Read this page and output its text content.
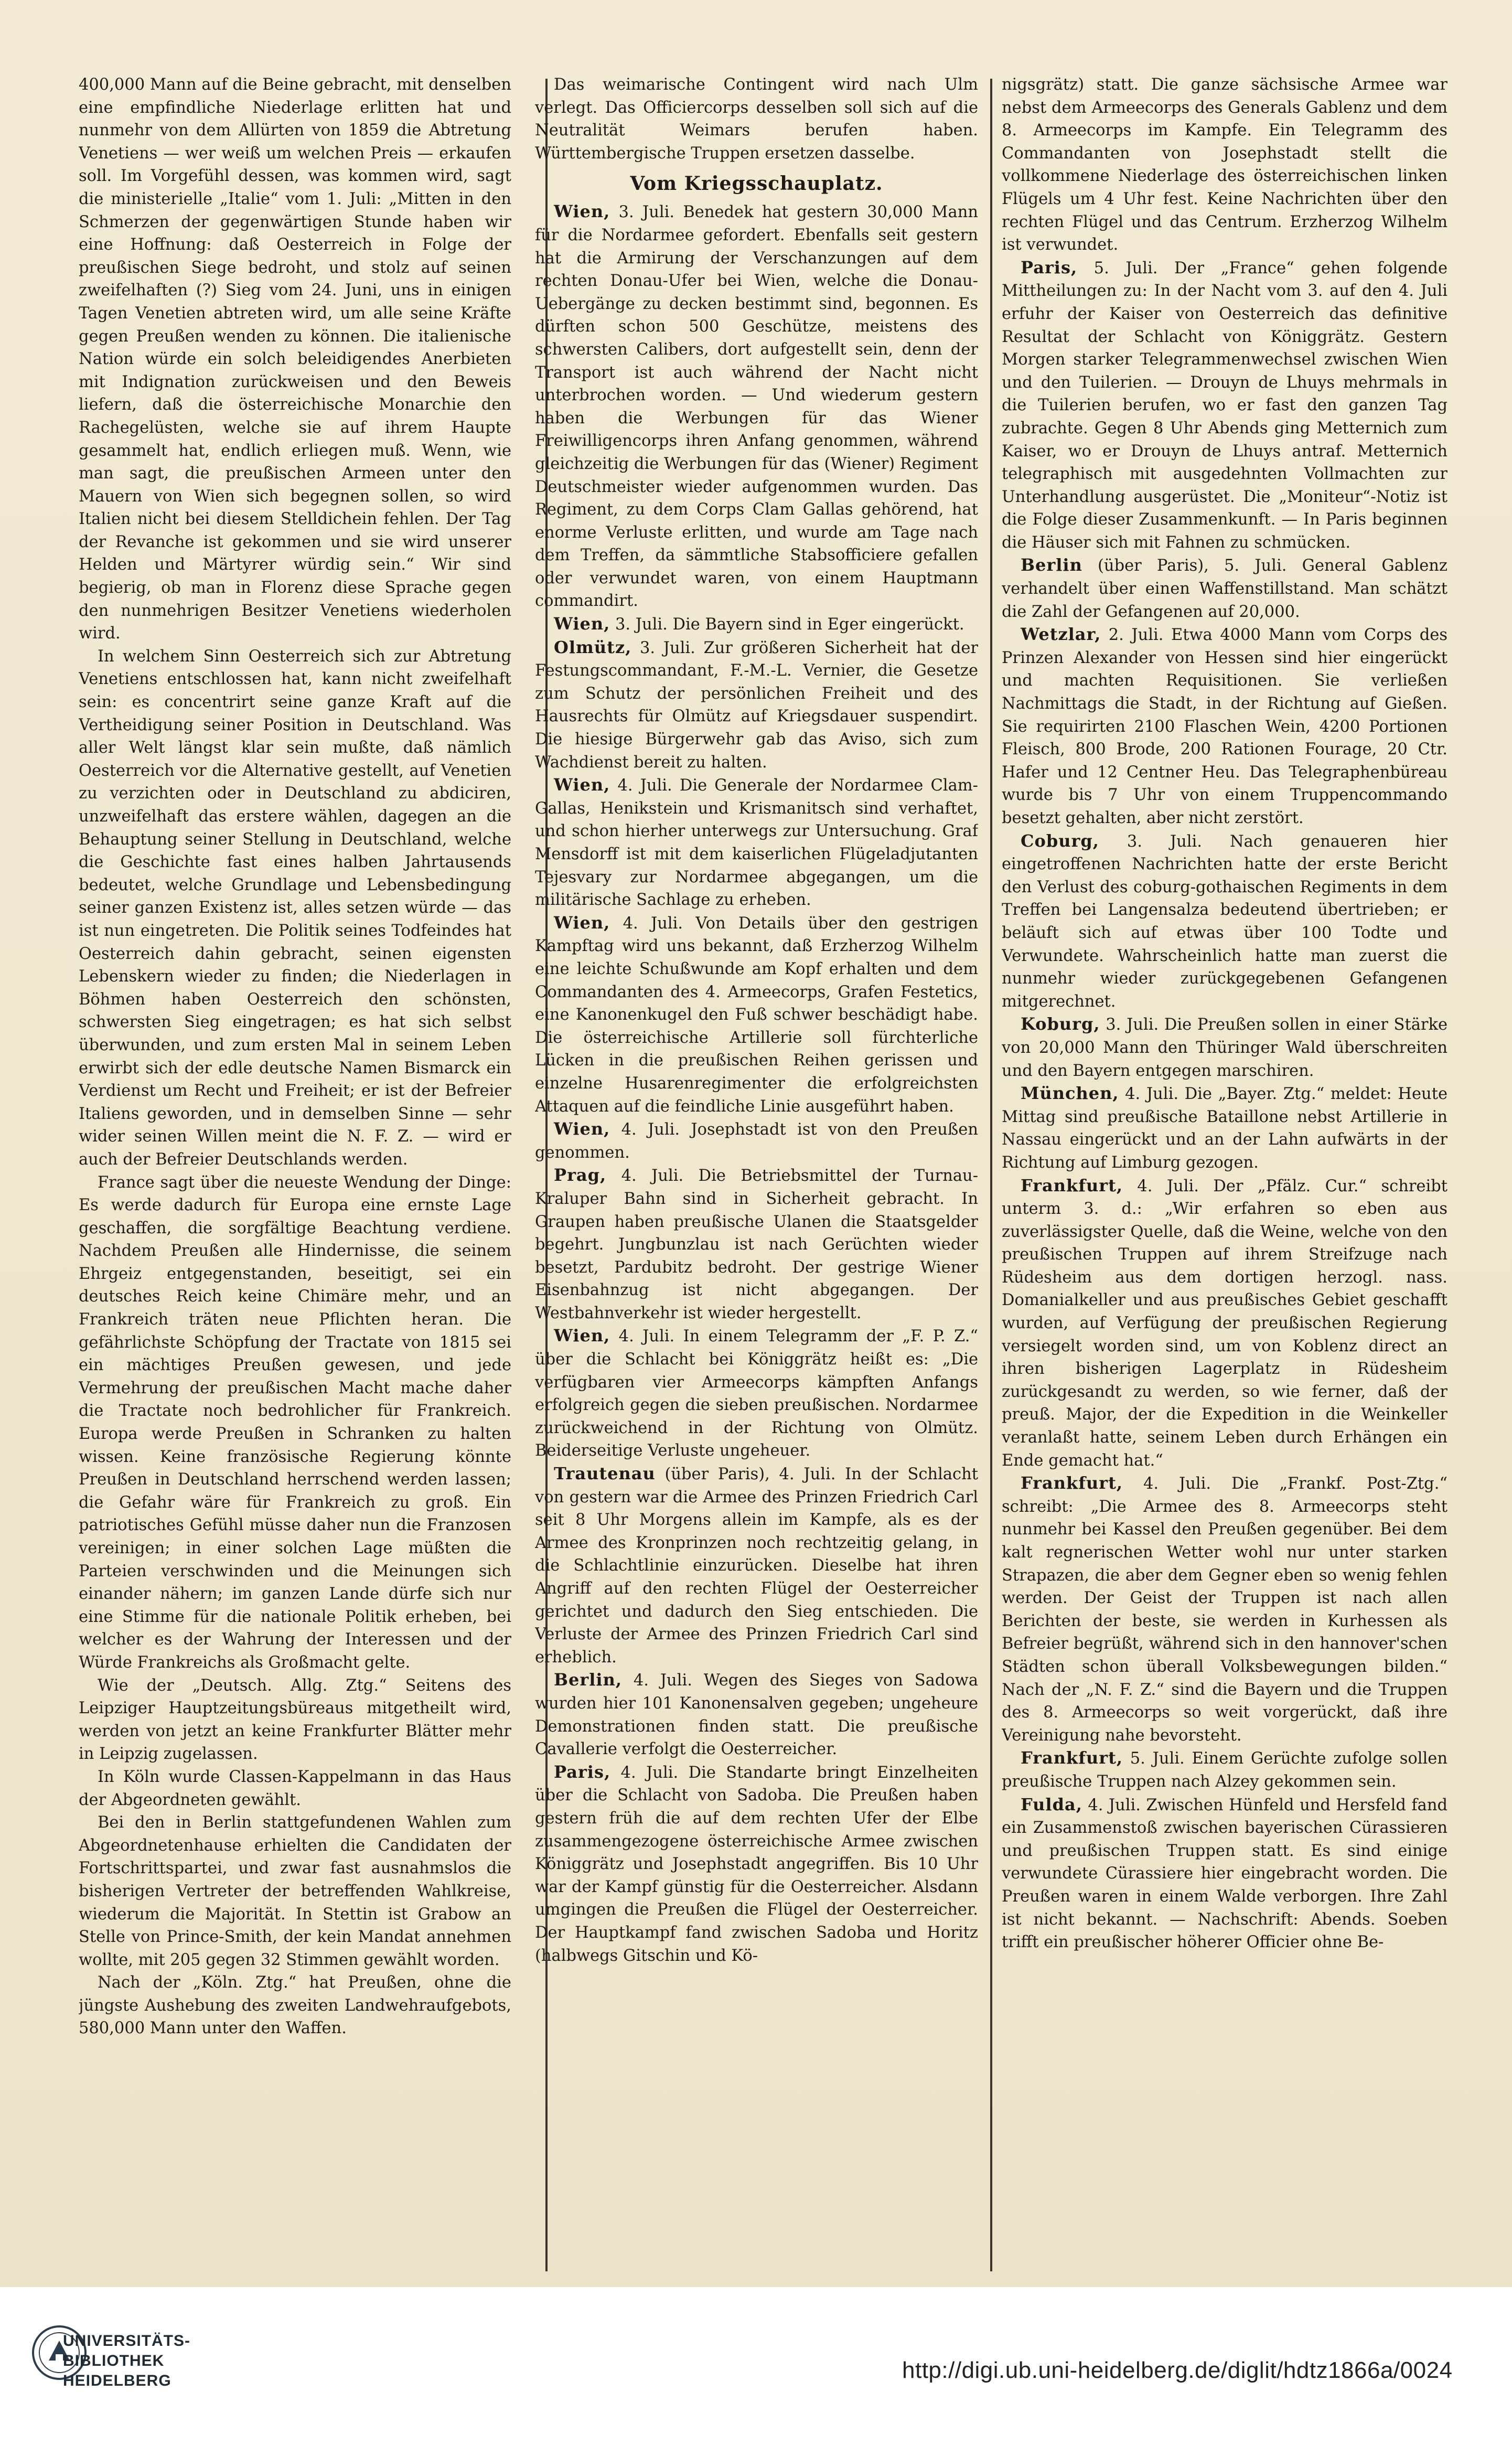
400,000 Mann auf die Beine gebracht, mit denselben eine empfindliche Niederlage erlitten hat und nunmehr von dem Allürten von 1859 die Abtretung Venetiens — wer weiß um welchen Preis — erkaufen soll. Im Vorgefühl dessen, was kommen wird, sagt die ministerielle „Italie“ vom 1. Juli: „Mitten in den Schmerzen der gegenwärtigen Stunde haben wir eine Hoffnung: daß Oesterreich in Folge der preußischen Siege bedroht, und stolz auf seinen zweifelhaften (?) Sieg vom 24. Juni, uns in einigen Tagen Venetien abtreten wird, um alle seine Kräfte gegen Preußen wenden zu können. Die italienische Nation würde ein solch beleidigendes Anerbieten mit Indignation zurückweisen und den Beweis liefern, daß die österreichische Monarchie den Rachegelüsten, welche sie auf ihrem Haupte gesammelt hat, endlich erliegen muß. Wenn, wie man sagt, die preußischen Armeen unter den Mauern von Wien sich begegnen sollen, so wird Italien nicht bei diesem Stelldichein fehlen. Der Tag der Revanche ist gekommen und sie wird unserer Helden und Märtyrer würdig sein.“ Wir sind begierig, ob man in Florenz diese Sprache gegen den nunmehrigen Besitzer Venetiens wiederholen wird.

In welchem Sinn Oesterreich sich zur Abtretung Venetiens entschlossen hat, kann nicht zweifelhaft sein: es concentrirt seine ganze Kraft auf die Vertheidigung seiner Position in Deutschland. Was aller Welt längst klar sein mußte, daß nämlich Oesterreich vor die Alternative gestellt, auf Venetien zu verzichten oder in Deutschland zu abdiciren, unzweifelhaft das erstere wählen, dagegen an die Behauptung seiner Stellung in Deutschland, welche die Geschichte fast eines halben Jahrtausends bedeutet, welche Grundlage und Lebensbedingung seiner ganzen Existenz ist, alles setzen würde — das ist nun eingetreten. Die Politik seines Todfeindes hat Oesterreich dahin gebracht, seinen eigensten Lebenskern wieder zu finden; die Niederlagen in Böhmen haben Oesterreich den schönsten, schwersten Sieg eingetragen; es hat sich selbst überwunden, und zum ersten Mal in seinem Leben erwirbt sich der edle deutsche Namen Bismarck ein Verdienst um Recht und Freiheit; er ist der Befreier Italiens geworden, und in demselben Sinne — sehr wider seinen Willen meint die N. F. Z. — wird er auch der Befreier Deutschlands werden.

France sagt über die neueste Wendung der Dinge: Es werde dadurch für Europa eine ernste Lage geschaffen, die sorgfältige Beachtung verdiene. Nachdem Preußen alle Hindernisse, die seinem Ehrgeiz entgegenstanden, beseitigt, sei ein deutsches Reich keine Chimäre mehr, und an Frankreich träten neue Pflichten heran. Die gefährlichste Schöpfung der Tractate von 1815 sei ein mächtiges Preußen gewesen, und jede Vermehrung der preußischen Macht mache daher die Tractate noch bedrohlicher für Frankreich. Europa werde Preußen in Schranken zu halten wissen. Keine französische Regierung könnte Preußen in Deutschland herrschend werden lassen; die Gefahr wäre für Frankreich zu groß. Ein patriotisches Gefühl müsse daher nun die Franzosen vereinigen; in einer solchen Lage müßten die Parteien verschwinden und die Meinungen sich einander nähern; im ganzen Lande dürfe sich nur eine Stimme für die nationale Politik erheben, bei welcher es der Wahrung der Interessen und der Würde Frankreichs als Großmacht gelte.

Wie der „Deutsch. Allg. Ztg.“ Seitens des Leipziger Hauptzeitungsbüreaus mitgetheilt wird, werden von jetzt an keine Frankfurter Blätter mehr in Leipzig zugelassen.

In Köln wurde Classen-Kappelmann in das Haus der Abgeordneten gewählt.

Bei den in Berlin stattgefundenen Wahlen zum Abgeordnetenhause erhielten die Candidaten der Fortschrittspartei, und zwar fast ausnahmslos die bisherigen Vertreter der betreffenden Wahlkreise, wiederum die Majorität. In Stettin ist Grabow an Stelle von Prince-Smith, der kein Mandat annehmen wollte, mit 205 gegen 32 Stimmen gewählt worden.

Nach der „Köln. Ztg.“ hat Preußen, ohne die jüngste Aushebung des zweiten Landwehraufgebots, 580,000 Mann unter den Waffen.

Das weimarische Contingent wird nach Ulm verlegt. Das Officiercorps desselben soll sich auf die Neutralität Weimars berufen haben. Württembergische Truppen ersetzen dasselbe.

Vom Kriegsschauplatz.

Wien, 3. Juli. Benedek hat gestern 30,000 Mann für die Nordarmee gefordert. Ebenfalls seit gestern hat die Armirung der Verschanzungen auf dem rechten Donau-Ufer bei Wien, welche die Donau-Uebergänge zu decken bestimmt sind, begonnen. Es dürften schon 500 Geschütze, meistens des schwersten Calibers, dort aufgestellt sein, denn der Transport ist auch während der Nacht nicht unterbrochen worden. — Und wiederum gestern haben die Werbungen für das Wiener Freiwilligencorps ihren Anfang genommen, während gleichzeitig die Werbungen für das (Wiener) Regiment Deutschmeister wieder aufgenommen wurden. Das Regiment, zu dem Corps Clam Gallas gehörend, hat enorme Verluste erlitten, und wurde am Tage nach dem Treffen, da sämmtliche Stabsofficiere gefallen oder verwundet waren, von einem Hauptmann commandirt.

Wien, 3. Juli. Die Bayern sind in Eger eingerückt.

Olmütz, 3. Juli. Zur größeren Sicherheit hat der Festungscommandant, F.-M.-L. Vernier, die Gesetze zum Schutz der persönlichen Freiheit und des Hausrechts für Olmütz auf Kriegsdauer suspendirt. Die hiesige Bürgerwehr gab das Aviso, sich zum Wachdienst bereit zu halten.

Wien, 4. Juli. Die Generale der Nordarmee Clam-Gallas, Henikstein und Krismanitsch sind verhaftet, und schon hierher unterwegs zur Untersuchung. Graf Mensdorff ist mit dem kaiserlichen Flügeladjutanten Tejesvary zur Nordarmee abgegangen, um die militärische Sachlage zu erheben.

Wien, 4. Juli. Von Details über den gestrigen Kampftag wird uns bekannt, daß Erzherzog Wilhelm eine leichte Schußwunde am Kopf erhalten und dem Commandanten des 4. Armeecorps, Grafen Festetics, eine Kanonenkugel den Fuß schwer beschädigt habe. Die österreichische Artillerie soll fürchterliche Lücken in die preußischen Reihen gerissen und einzelne Husarenregimenter die erfolgreichsten Attaquen auf die feindliche Linie ausgeführt haben.

Wien, 4. Juli. Josephstadt ist von den Preußen genommen.

Prag, 4. Juli. Die Betriebsmittel der Turnau-Kraluper Bahn sind in Sicherheit gebracht. In Graupen haben preußische Ulanen die Staatsgelder begehrt. Jungbunzlau ist nach Gerüchten wieder besetzt, Pardubitz bedroht. Der gestrige Wiener Eisenbahnzug ist nicht abgegangen. Der Westbahnverkehr ist wieder hergestellt.

Wien, 4. Juli. In einem Telegramm der „F. P. Z.“ über die Schlacht bei Königgrätz heißt es: „Die verfügbaren vier Armeecorps kämpften Anfangs erfolgreich gegen die sieben preußischen. Nordarmee zurückweichend in der Richtung von Olmütz. Beiderseitige Verluste ungeheuer.

Trautenau (über Paris), 4. Juli. In der Schlacht von gestern war die Armee des Prinzen Friedrich Carl seit 8 Uhr Morgens allein im Kampfe, als es der Armee des Kronprinzen noch rechtzeitig gelang, in die Schlachtlinie einzurücken. Dieselbe hat ihren Angriff auf den rechten Flügel der Oesterreicher gerichtet und dadurch den Sieg entschieden. Die Verluste der Armee des Prinzen Friedrich Carl sind erheblich.

Berlin, 4. Juli. Wegen des Sieges von Sadowa wurden hier 101 Kanonensalven gegeben; ungeheure Demonstrationen finden statt. Die preußische Cavallerie verfolgt die Oesterreicher.

Paris, 4. Juli. Die Standarte bringt Einzelheiten über die Schlacht von Sadoba. Die Preußen haben gestern früh die auf dem rechten Ufer der Elbe zusammengezogene österreichische Armee zwischen Königgrätz und Josephstadt angegriffen. Bis 10 Uhr war der Kampf günstig für die Oesterreicher. Alsdann umgingen die Preußen die Flügel der Oesterreicher. Der Hauptkampf fand zwischen Sadoba und Horitz (halbwegs Gitschin und Kö-

nigsgrätz) statt. Die ganze sächsische Armee war nebst dem Armeecorps des Generals Gablenz und dem 8. Armeecorps im Kampfe. Ein Telegramm des Commandanten von Josephstadt stellt die vollkommene Niederlage des österreichischen linken Flügels um 4 Uhr fest. Keine Nachrichten über den rechten Flügel und das Centrum. Erzherzog Wilhelm ist verwundet.

Paris, 5. Juli. Der „France“ gehen folgende Mittheilungen zu: In der Nacht vom 3. auf den 4. Juli erfuhr der Kaiser von Oesterreich das definitive Resultat der Schlacht von Königgrätz. Gestern Morgen starker Telegrammenwechsel zwischen Wien und den Tuilerien. — Drouyn de Lhuys mehrmals in die Tuilerien berufen, wo er fast den ganzen Tag zubrachte. Gegen 8 Uhr Abends ging Metternich zum Kaiser, wo er Drouyn de Lhuys antraf. Metternich telegraphisch mit ausgedehnten Vollmachten zur Unterhandlung ausgerüstet. Die „Moniteur“-Notiz ist die Folge dieser Zusammenkunft. — In Paris beginnen die Häuser sich mit Fahnen zu schmücken.

Berlin (über Paris), 5. Juli. General Gablenz verhandelt über einen Waffenstillstand. Man schätzt die Zahl der Gefangenen auf 20,000.

Wetzlar, 2. Juli. Etwa 4000 Mann vom Corps des Prinzen Alexander von Hessen sind hier eingerückt und machten Requisitionen. Sie verließen Nachmittags die Stadt, in der Richtung auf Gießen. Sie requirirten 2100 Flaschen Wein, 4200 Portionen Fleisch, 800 Brode, 200 Rationen Fourage, 20 Ctr. Hafer und 12 Centner Heu. Das Telegraphenbüreau wurde bis 7 Uhr von einem Truppencommando besetzt gehalten, aber nicht zerstört.

Coburg, 3. Juli. Nach genaueren hier eingetroffenen Nachrichten hatte der erste Bericht den Verlust des coburg-gothaischen Regiments in dem Treffen bei Langensalza bedeutend übertrieben; er beläuft sich auf etwas über 100 Todte und Verwundete. Wahrscheinlich hatte man zuerst die nunmehr wieder zurückgegebenen Gefangenen mitgerechnet.

Koburg, 3. Juli. Die Preußen sollen in einer Stärke von 20,000 Mann den Thüringer Wald überschreiten und den Bayern entgegen marschiren.

München, 4. Juli. Die „Bayer. Ztg.“ meldet: Heute Mittag sind preußische Bataillone nebst Artillerie in Nassau eingerückt und an der Lahn aufwärts in der Richtung auf Limburg gezogen.

Frankfurt, 4. Juli. Der „Pfälz. Cur.“ schreibt unterm 3. d.: „Wir erfahren so eben aus zuverlässigster Quelle, daß die Weine, welche von den preußischen Truppen auf ihrem Streifzuge nach Rüdesheim aus dem dortigen herzogl. nass. Domanialkeller und aus preußisches Gebiet geschafft wurden, auf Verfügung der preußischen Regierung versiegelt worden sind, um von Koblenz direct an ihren bisherigen Lagerplatz in Rüdesheim zurückgesandt zu werden, so wie ferner, daß der preuß. Major, der die Expedition in die Weinkeller veranlaßt hatte, seinem Leben durch Erhängen ein Ende gemacht hat.“

Frankfurt, 4. Juli. Die „Frankf. Post-Ztg.“ schreibt: „Die Armee des 8. Armeecorps steht nunmehr bei Kassel den Preußen gegenüber. Bei dem kalt regnerischen Wetter wohl nur unter starken Strapazen, die aber dem Gegner eben so wenig fehlen werden. Der Geist der Truppen ist nach allen Berichten der beste, sie werden in Kurhessen als Befreier begrüßt, während sich in den hannover'schen Städten schon überall Volksbewegungen bilden.“ Nach der „N. F. Z.“ sind die Bayern und die Truppen des 8. Armeecorps so weit vorgerückt, daß ihre Vereinigung nahe bevorsteht.

Frankfurt, 5. Juli. Einem Gerüchte zufolge sollen preußische Truppen nach Alzey gekommen sein.

Fulda, 4. Juli. Zwischen Hünfeld und Hersfeld fand ein Zusammenstoß zwischen bayerischen Cürassieren und preußischen Truppen statt. Es sind einige verwundete Cürassiere hier eingebracht worden. Die Preußen waren in einem Walde verborgen. Ihre Zahl ist nicht bekannt. — Nachschrift: Abends. Soeben trifft ein preußischer höherer Officier ohne Be-

UNIVERSITÄTS-
BIBLIOTHEK
HEIDELBERG	http://digi.ub.uni-heidelberg.de/diglit/hdtz1866a/0024
